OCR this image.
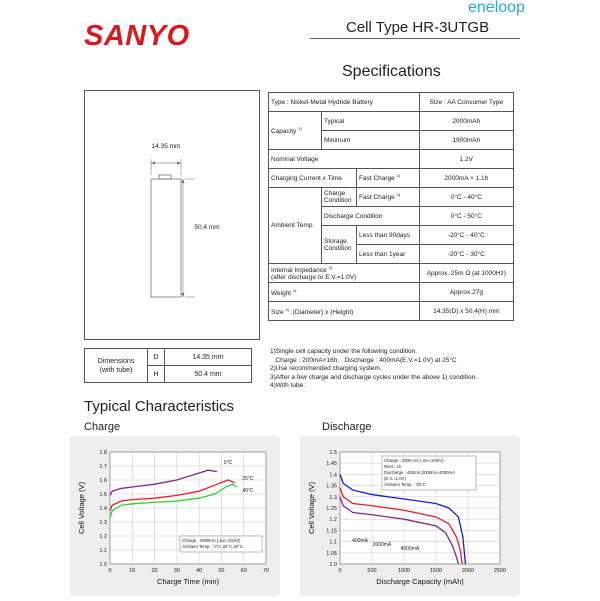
SANYO
eneloop
Cell Type HR-3UTGB
Specifications
14.35 mm
50.4 mm
Dimensions
(with tube)	D	14.35 mm
	H	50.4 mm
Type : Nickel-Metal Hydride Battery			Size : AA Consumer Type
Capacity $^{1)}$	Typical		2000mAh
	Minimum		1900mAh
Nominal Voltage			1.2V
Charging Current x Time		Fast Charge $^{2)}$	2000mA × 1.1h
Ambient Temp.	Charge Condition	Fast Charge $^{2)}$	0°C - 40°C
	Discharge Condition		0°C - 50°C
	Storage Condition	Less than 90days	-20°C - 40°C
		Less than 1year	-20°C - 30°C
Internal Impedance $^{3)}$
(after discharge to E.V.=1.0V)			Approx. 25m Ω (at 1000Hz)
Weight $^{4)}$			Approx.27g
Size $^{4)}$ :(Diameter) x (Height)			14.35(D) x 50.4(H) mm
1)Single cell capacity under the following condition.
Charge : 200mA×16h,   Discharge : 400mA(E.V.=1.0V) at 25°C
2)Use recommended charging system.
3)After a few charge and discharge cycles under the above 1) condition.
4)With tube.
Typical Characteristics
Charge	Discharge
0	10	20	30	40	50	60	70
1.0
1.1
1.2
1.3
1.4
1.5
1.6
1.7
1.8
Charge Time (min)
Cell Voltage (V)
0°C
25°C
40°C
Charge : 2000mA (-ΔV=10mV)
Ambient Temp. : 0°C,25°C,40°C
0	500	1000	1500	2000	2500
1.0
1.05
1.1
1.15
1.2
1.25
1.3
1.35
1.4
1.45
1.5
Discharge Capacity (mAh)
Cell Voltage (V)
400mA
2000mA
4000mA
Charge : 2000 mA (-ΔV=10mV)
Rest : 1h
Discharge : 400mA,2000mA,4000mA
(E.V.=1.0V)
Ambient Temp. : 25°C
